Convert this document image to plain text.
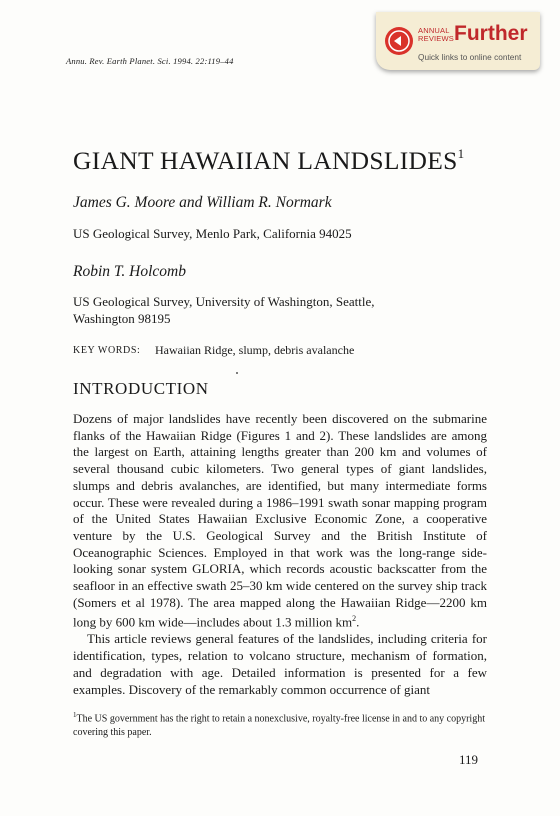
Annu. Rev. Earth Planet. Sci. 1994. 22:119–44
ANNUAL
REVIEWS Further
Quick links to online content
GIANT HAWAIIAN LANDSLIDES$^1$
James G. Moore and William R. Normark
US Geological Survey, Menlo Park, California 94025
Robin T. Holcomb
US Geological Survey, University of Washington, Seattle,
Washington 98195
KEY WORDS: Hawaiian Ridge, slump, debris avalanche
INTRODUCTION

Dozens of major landslides have recently been discovered on the submarine flanks of the Hawaiian Ridge (Figures 1 and 2). These landslides are among the largest on Earth, attaining lengths greater than 200 km and volumes of several thousand cubic kilometers. Two general types of giant landslides, slumps and debris avalanches, are identified, but many intermediate forms occur. These were revealed during a 1986–1991 swath sonar mapping program of the United States Hawaiian Exclusive Economic Zone, a cooperative venture by the U.S. Geological Survey and the British Institute of Oceanographic Sciences. Employed in that work was the long-range side-looking sonar system GLORIA, which records acoustic backscatter from the seafloor in an effective swath 25–30 km wide centered on the survey ship track (Somers et al 1978). The area mapped along the Hawaiian Ridge—2200 km long by 600 km wide—includes about 1.3 million $km^2$.

This article reviews general features of the landslides, including criteria for identification, types, relation to volcano structure, mechanism of formation, and degradation with age. Detailed information is presented for a few examples. Discovery of the remarkably common occurrence of giant

$^1$The US government has the right to retain a nonexclusive, royalty-free license in and to any copyright covering this paper.
119
